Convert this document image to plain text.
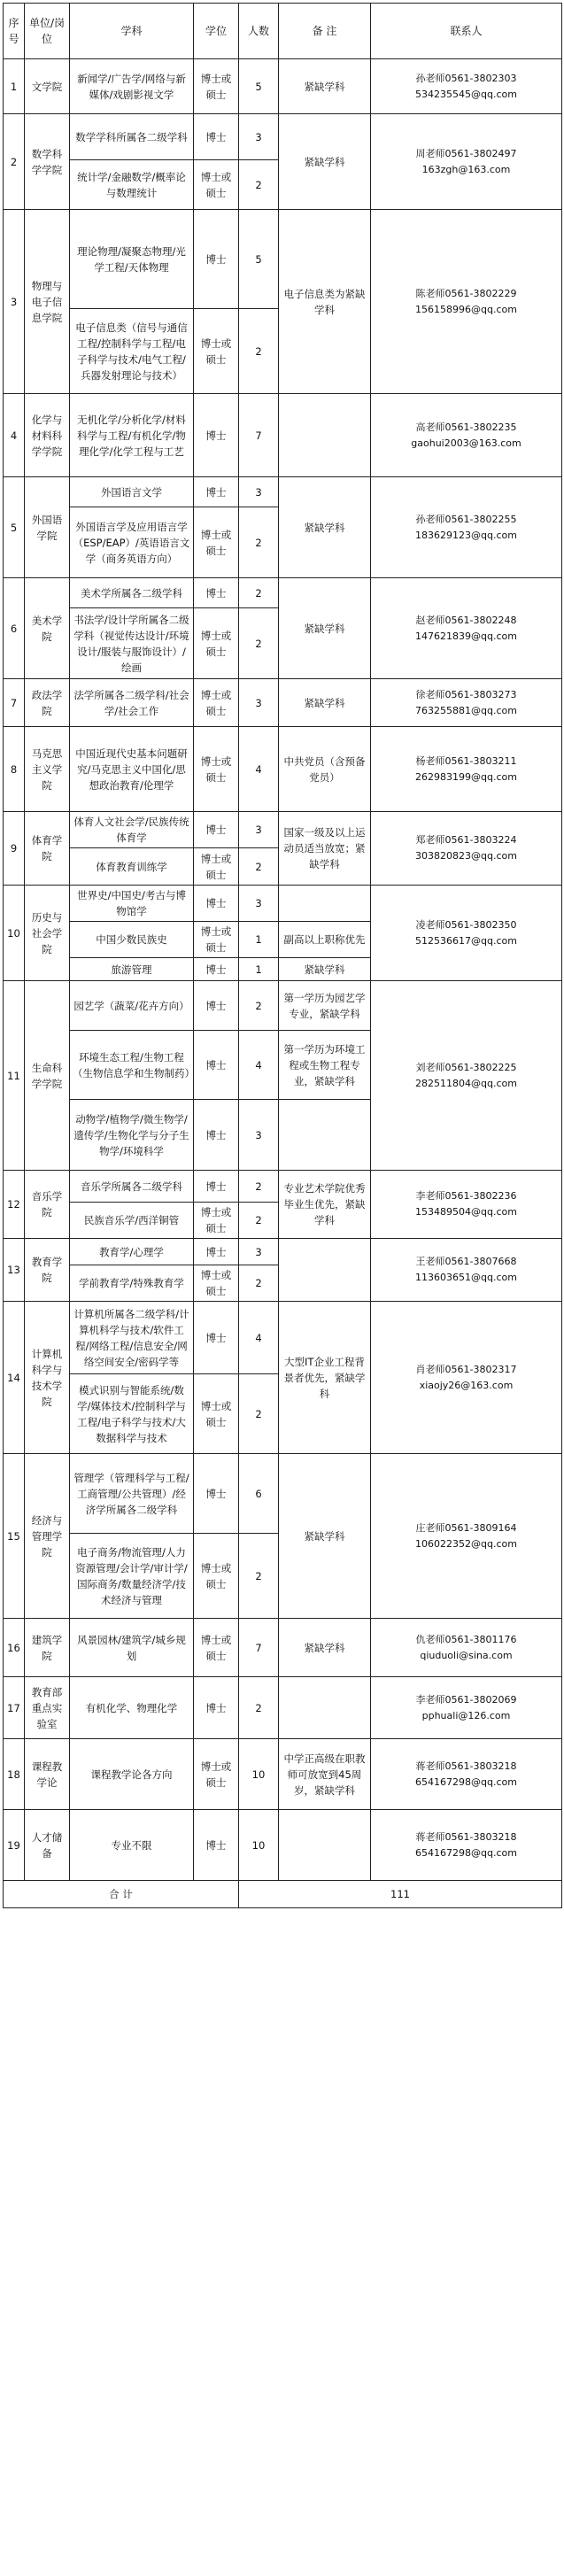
序号	单位/岗位	学科	学位	人数	备 注	联系人
1	文学院	新闻学/广告学/网络与新媒体/戏剧影视文学	博士或硕士	5	紧缺学科	孙老师0561-3802303
534235545@qq.com
2	数学科学学院	数学学科所属各二级学科	博士	3	紧缺学科	周老师0561-3802497
163zgh@163.com
		统计学/金融数学/概率论与数理统计	博士或硕士	2		
3	物理与电子信息学院	理论物理/凝聚态物理/光学工程/天体物理	博士	5	电子信息类为紧缺学科	陈老师0561-3802229
156158996@qq.com
		电子信息类（信号与通信工程/控制科学与工程/电子科学与技术/电气工程/兵器发射理论与技术）	博士或硕士	2		
4	化学与材料科学学院	无机化学/分析化学/材料科学与工程/有机化学/物理化学/化学工程与工艺	博士	7		高老师0561-3802235
gaohui2003@163.com
5	外国语学院	外国语言文学	博士	3	紧缺学科	孙老师0561-3802255
183629123@qq.com
		外国语言学及应用语言学（ESP/EAP）/英语语言文学（商务英语方向）	博士或硕士	2		
6	美术学院	美术学所属各二级学科	博士	2	紧缺学科	赵老师0561-3802248
147621839@qq.com
		书法学/设计学所属各二级学科（视觉传达设计/环境设计/服装与服饰设计）/绘画	博士或硕士	2		
7	政法学院	法学所属各二级学科/社会学/社会工作	博士或硕士	3	紧缺学科	徐老师0561-3803273
763255881@qq.com
8	马克思主义学院	中国近现代史基本问题研究/马克思主义中国化/思想政治教育/伦理学	博士或硕士	4	中共党员（含预备党员）	杨老师0561-3803211
262983199@qq.com
9	体育学院	体育人文社会学/民族传统体育学	博士	3	国家一级及以上运动员适当放宽；紧缺学科	郑老师0561-3803224
303820823@qq.com
		体育教育训练学	博士或硕士	2		
10	历史与社会学院	世界史/中国史/考古与博物馆学	博士	3		凌老师0561-3802350
512536617@qq.com
		中国少数民族史	博士或硕士	1	副高以上职称优先	
		旅游管理	博士	1	紧缺学科	
11	生命科学学院	园艺学（蔬菜/花卉方向）	博士	2	第一学历为园艺学专业，紧缺学科	刘老师0561-3802225
282511804@qq.com
		环境生态工程/生物工程（生物信息学和生物制药）	博士	4	第一学历为环境工程或生物工程专业，紧缺学科	
		动物学/植物学/微生物学/遗传学/生物化学与分子生物学/环境科学	博士	3		
12	音乐学院	音乐学所属各二级学科	博士	2	专业艺术学院优秀毕业生优先，紧缺学科	李老师0561-3802236
153489504@qq.com
		民族音乐学/西洋铜管	博士或硕士	2		
13	教育学院	教育学/心理学	博士	3		王老师0561-3807668
113603651@qq.com
		学前教育学/特殊教育学	博士或硕士	2		
14	计算机科学与技术学院	计算机所属各二级学科/计算机科学与技术/软件工程/网络工程/信息安全/网络空间安全/密码学等	博士	4	大型IT企业工程背景者优先，紧缺学科	肖老师0561-3802317
xiaojy26@163.com
		模式识别与智能系统/数学/媒体技术/控制科学与工程/电子科学与技术/大数据科学与技术	博士或硕士	2		
15	经济与管理学院	管理学（管理科学与工程/工商管理/公共管理）/经济学所属各二级学科	博士	6	紧缺学科	庄老师0561-3809164
106022352@qq.com
		电子商务/物流管理/人力资源管理/会计学/审计学/国际商务/数量经济学/技术经济与管理	博士或硕士	2		
16	建筑学院	风景园林/建筑学/城乡规划	博士或硕士	7	紧缺学科	仇老师0561-3801176
qiuduoli@sina.com
17	教育部重点实验室	有机化学、物理化学	博士	2		李老师0561-3802069
pphuali@126.com
18	课程教学论	课程教学论各方向	博士或硕士	10	中学正高级在职教师可放宽到45周岁，紧缺学科	蒋老师0561-3803218
654167298@qq.com
19	人才储备	专业不限	博士	10		蒋老师0561-3803218
654167298@qq.com
合 计				111		
